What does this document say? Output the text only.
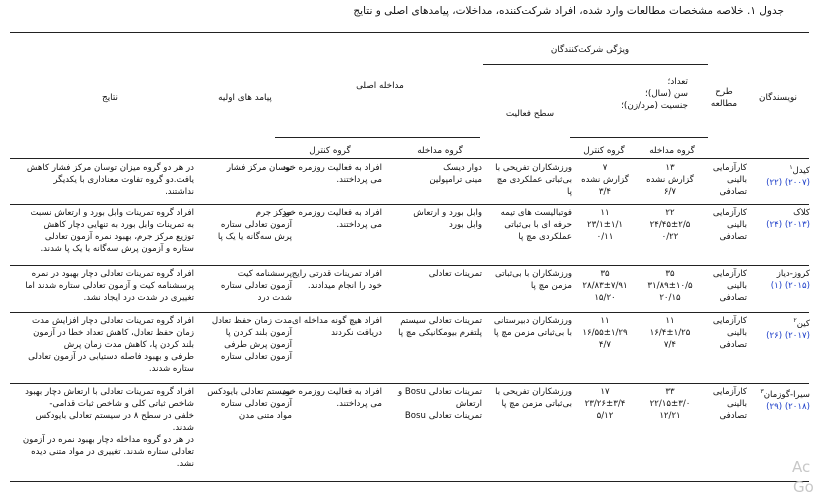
جدول ۱. خلاصه مشخصات مطالعات وارد شده، افراد شرکت‌کننده، مداخلات، پیامدهای اصلی و نتایج
نویسندگان
طرح
مطالعه
ویژگی شرکت‌کنندگان
تعداد؛
سن (سال)؛
جنسیت (مرد/زن)؛
گروه مداخله
گروه کنترل
سطح فعالیت
مداخله اصلی
گروه مداخله
گروه کنترل
پیامد های اولیه
نتایج
کیدل$^۱$
(۲۰۰۷) (۲۲)
کارآزمایی
بالینی
تصادفی
۱۳
گزارش نشده
۶/۷
۷
گزارش نشده
۳/۴
ورزشکاران تفریحی با
بی‌ثباتی عملکردی مچ
پا
دوار دیسک
مینی ترامپولین
افراد به فعالیت روزمره خود
می پرداختند.
توسان مرکز فشار
در هر دو گروه میزان توسان مرکز فشار کاهش
یافت.دو گروه تفاوت معناداری با یکدیگر
نداشتند.
کلاک
(۲۰۱۳) (۲۴)
کارآزمایی
بالینی
تصادفی
۲۲
۲۴/۴۵±۲/۵
۰/۲۲
۱۱
۲۳/۱±۱/۱
۰/۱۱
فوتبالیست های تیمه
حرفه ای با بی‌ثباتی
عملکردی مچ پا
وابل بورد و ارتعاش
وابل بورد
افراد به فعالیت روزمره خود
می پرداختند.
مرکز جرم
آزمون تعادلی ستاره
پرش سه‌گانه یا یک پا
افراد گروه تمرینات وابل بورد و ارتعاش نسبت
به تمرینات وابل بورد به تنهایی دچار کاهش
توزیع مرکز جرم، بهبود نمره آزمون تعادلی
ستاره و آزمون پرش سه‌گانه با یک پا شدند.
کروز-دیاز
(۲۰۱۵) (۱)
کارآزمایی
بالینی
تصادفی
۳۵
۳۱/۸۹±۱۰/۵
۲۰/۱۵
۳۵
۲۸/۸۳±۷/۹۱
۱۵/۲۰
ورزشکاران با بی‌ثباتی
مزمن مچ پا
تمرینات تعادلی
افراد تمرینات قدرتی رایج
خود را انجام میدادند.
پرسشنامه کیت
آزمون تعادلی ستاره
شدت درد
افراد گروه تمرینات تعادلی دچار بهبود در نمره
پرسشنامه کیت و آزمون تعادلی ستاره شدند اما
تغییری در شدت درد ایجاد نشد.
کین$^۲$
(۲۰۱۷) (۲۶)
کارآزمایی
بالینی
تصادفی
۱۱
۱۶/۴±۱/۲۵
۷/۴
۱۱
۱۶/۵۵±۱/۲۹
۴/۷
ورزشکاران دبیرستانی
با بی‌ثباتی مزمن مچ پا
تمرینات تعادلی سیستم
پلتفرم بیومکانیکی مچ پا
افراد هیچ گونه مداخله ای
دریافت نکردند
مدت زمان حفظ تعادل
آزمون بلند کردن پا
آزمون پرش طرفی
آزمون تعادلی ستاره
افراد گروه تمرینات تعادلی دچار افزایش مدت
زمان حفظ تعادل، کاهش تعداد خطا در آزمون
بلند کردن پا، کاهش مدت زمان پرش
طرفی و بهبود فاصله دستیابی در آزمون تعادلی
ستاره شدند.
سیرا-گوزمان$^۳$
(۲۰۱۸) (۲۹)
کارآزمایی
بالینی
تصادفی
۳۳
۲۲/۱۵±۳/۰
۱۲/۲۱
۱۷
۲۳/۲۶±۳/۴
۵/۱۲
ورزشکاران تفریحی با
بی‌ثباتی مزمن مچ پا
تمرینات تعادلی Bosu و
ارتعاش
تمرینات تعادلی Bosu
افراد به فعالیت روزمره خود
می پرداختند.
سیستم تعادلی بایودکس
آزمون تعادلی ستاره
مواد متنی مدن
افراد گروه تمرینات تعادلی با ارتعاش دچار بهبود
شاخص ثباتی کلی و شاخص ثبات قدامی-
خلفی در سطح ۸ در سیستم تعادلی بایودکس
شدند.
در هر دو گروه مداخله دچار بهبود نمره در آزمون
تعادلی ستاره شدند. تغییری در مواد متنی دیده
نشد.	Ac
Go
